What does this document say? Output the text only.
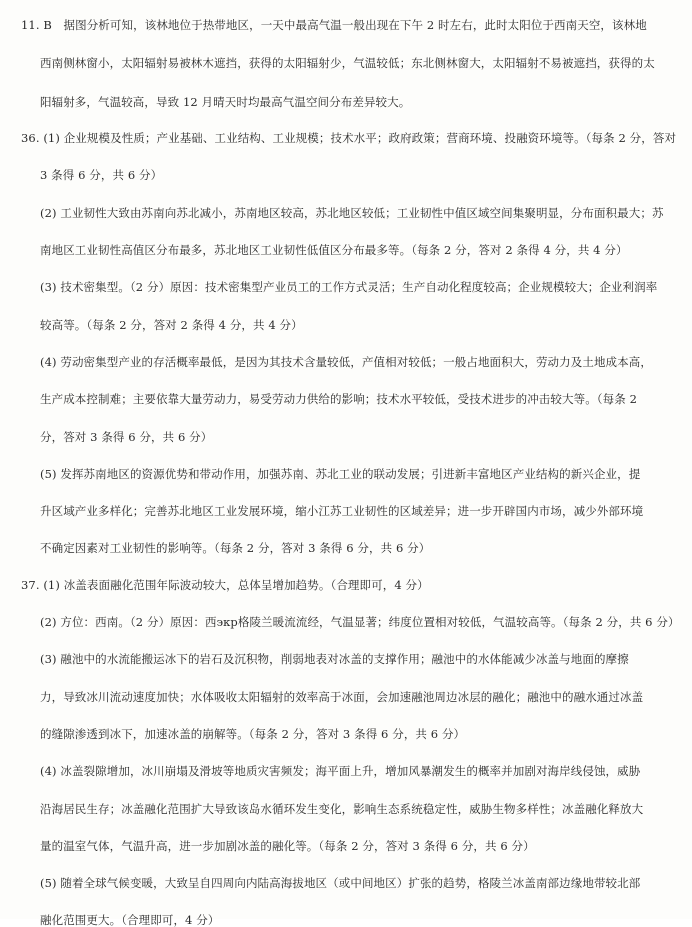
11. B　据图分析可知，该林地位于热带地区，一天中最高气温一般出现在下午 2 时左右，此时太阳位于西南天空，该林地
西南侧林窗小，太阳辐射易被林木遮挡，获得的太阳辐射少，气温较低；东北侧林窗大，太阳辐射不易被遮挡，获得的太
阳辐射多，气温较高，导致 12 月晴天时均最高气温空间分布差异较大。
36. (1) 企业规模及性质；产业基础、工业结构、工业规模；技术水平；政府政策；营商环境、投融资环境等。（每条 2 分，答对
3 条得 6 分，共 6 分）
(2) 工业韧性大致由苏南向苏北减小，苏南地区较高，苏北地区较低；工业韧性中值区域空间集聚明显，分布面积最大；苏
南地区工业韧性高值区分布最多，苏北地区工业韧性低值区分布最多等。（每条 2 分，答对 2 条得 4 分，共 4 分）
(3) 技术密集型。（2 分）原因：技术密集型产业员工的工作方式灵活；生产自动化程度较高；企业规模较大；企业利润率
较高等。（每条 2 分，答对 2 条得 4 分，共 4 分）
(4) 劳动密集型产业的存活概率最低，是因为其技术含量较低，产值相对较低；一般占地面积大，劳动力及土地成本高，
生产成本控制难；主要依靠大量劳动力，易受劳动力供给的影响；技术水平较低，受技术进步的冲击较大等。（每条 2
分，答对 3 条得 6 分，共 6 分）
(5) 发挥苏南地区的资源优势和带动作用，加强苏南、苏北工业的联动发展；引进新丰富地区产业结构的新兴企业，提
升区域产业多样化；完善苏北地区工业发展环境，缩小江苏工业韧性的区域差异；进一步开辟国内市场，减少外部环境
不确定因素对工业韧性的影响等。（每条 2 分，答对 3 条得 6 分，共 6 分）
37. (1) 冰盖表面融化范围年际波动较大，总体呈增加趋势。（合理即可，4 分）
(2) 方位：西南。（2 分）原因：西экр格陵兰暖流流经，气温显著；纬度位置相对较低，气温较高等。（每条 2 分，共 6 分）
(3) 融池中的水流能搬运冰下的岩石及沉积物，削弱地表对冰盖的支撑作用；融池中的水体能减少冰盖与地面的摩擦
力，导致冰川流动速度加快；水体吸收太阳辐射的效率高于冰面，会加速融池周边冰层的融化；融池中的融水通过冰盖
的缝隙渗透到冰下，加速冰盖的崩解等。（每条 2 分，答对 3 条得 6 分，共 6 分）
(4) 冰盖裂隙增加，冰川崩塌及滑坡等地质灾害频发；海平面上升，增加风暴潮发生的概率并加剧对海岸线侵蚀，威胁
沿海居民生存；冰盖融化范围扩大导致该岛水循环发生变化，影响生态系统稳定性，威胁生物多样性；冰盖融化释放大
量的温室气体，气温升高，进一步加剧冰盖的融化等。（每条 2 分，答对 3 条得 6 分，共 6 分）
(5) 随着全球气候变暖，大致呈自四周向内陆高海拔地区（或中间地区）扩张的趋势，格陵兰冰盖南部边缘地带较北部
融化范围更大。（合理即可，4 分）
